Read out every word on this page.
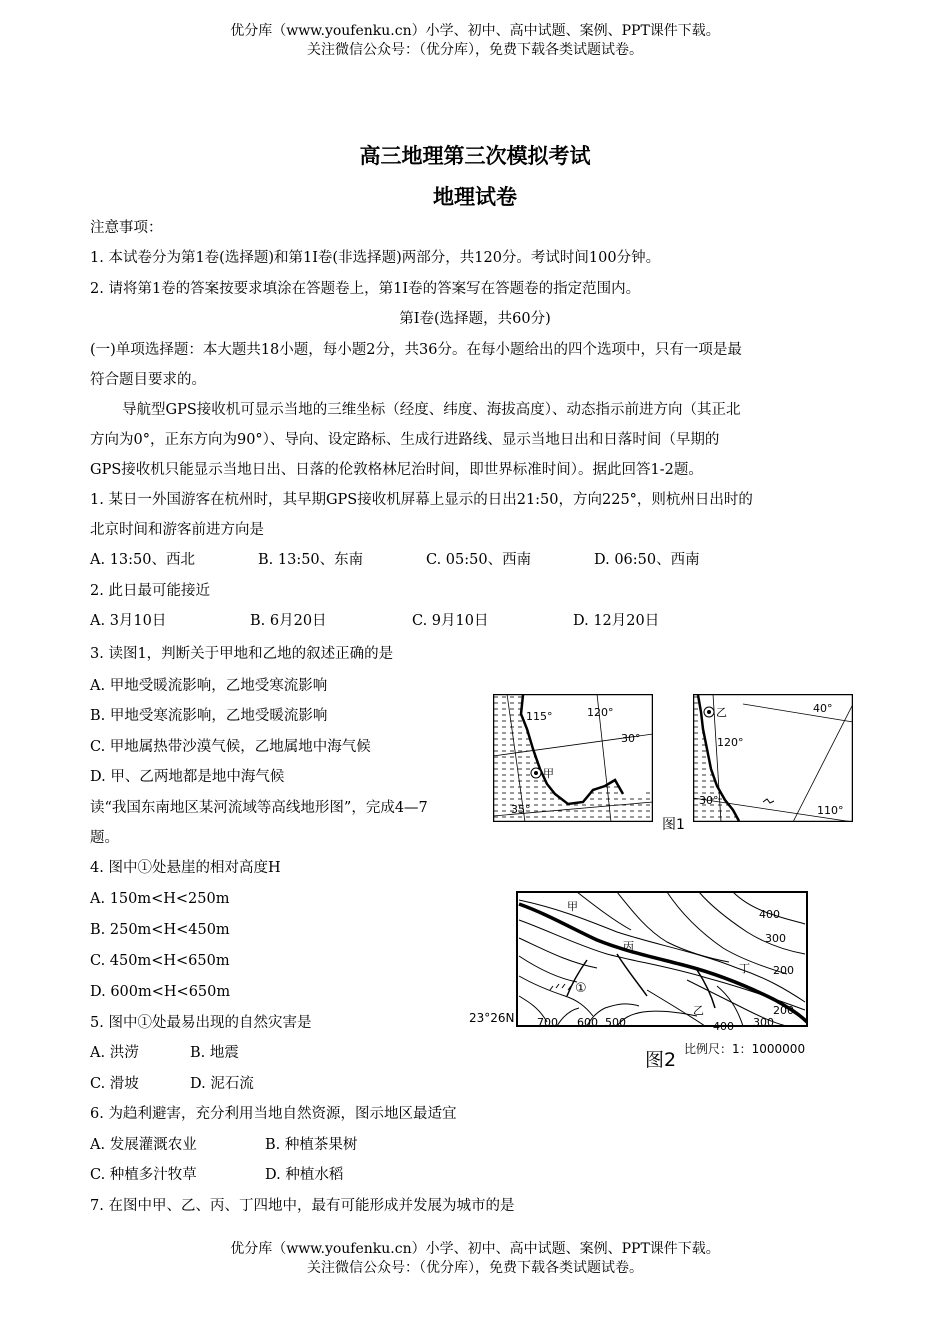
优分库（www.youfenku.cn）小学、初中、高中试题、案例、PPT课件下载。
关注微信公众号：（优分库），免费下载各类试题试卷。
高三地理第三次模拟考试
地理试卷
注意事项：
1. 本试卷分为第1卷(选择题)和第1I卷(非选择题)两部分，共120分。考试时间100分钟。
2. 请将第1卷的答案按要求填涂在答题卷上，第1I卷的答案写在答题卷的指定范围内。
第Ⅰ卷(选择题，共60分)
(一)单项选择题：本大题共18小题，每小题2分，共36分。在每小题给出的四个选项中，只有一项是最
符合题目要求的。
导航型GPS接收机可显示当地的三维坐标（经度、纬度、海拔高度）、动态指示前进方向（其正北
方向为0°，正东方向为90°）、导向、设定路标、生成行进路线、显示当地日出和日落时间（早期的
GPS接收机只能显示当地日出、日落的伦敦格林尼治时间，即世界标准时间）。据此回答1-2题。
1. 某日一外国游客在杭州时，其早期GPS接收机屏幕上显示的日出21:50，方向225°，则杭州日出时的
北京时间和游客前进方向是
A. 13:50、西北	B. 13:50、东南	C. 05:50、西南	D. 06:50、西南
2. 此日最可能接近
A. 3月10日	B. 6月20日	C. 9月10日	D. 12月20日
3. 读图1，判断关于甲地和乙地的叙述正确的是
A. 甲地受暖流影响，乙地受寒流影响
B. 甲地受寒流影响，乙地受暖流影响
C. 甲地属热带沙漠气候，乙地属地中海气候
D. 甲、乙两地都是地中海气候
读“我国东南地区某河流域等高线地形图”，完成4—7
题。
4. 图中①处悬崖的相对高度H
A. 150m<H<250m
B. 250m<H<450m
C. 450m<H<650m
D. 600m<H<650m
5. 图中①处最易出现的自然灾害是
A. 洪涝	B. 地震
C. 滑坡	D. 泥石流
6. 为趋利避害，充分利用当地自然资源，图示地区最适宜
A. 发展灌溉农业	B. 种植茶果树
C. 种植多汁牧草	D. 种植水稻
7. 在图中甲、乙、丙、丁四地中，最有可能形成并发展为城市的是
115°	120°
30°
35°
甲
乙	40°
120°
30°
110°
图1
①
甲
丙
丁
乙
400
300
200
200
23°26N 700 600 500	400 300
图2 比例尺：1：1000000
优分库（www.youfenku.cn）小学、初中、高中试题、案例、PPT课件下载。
关注微信公众号：（优分库），免费下载各类试题试卷。
